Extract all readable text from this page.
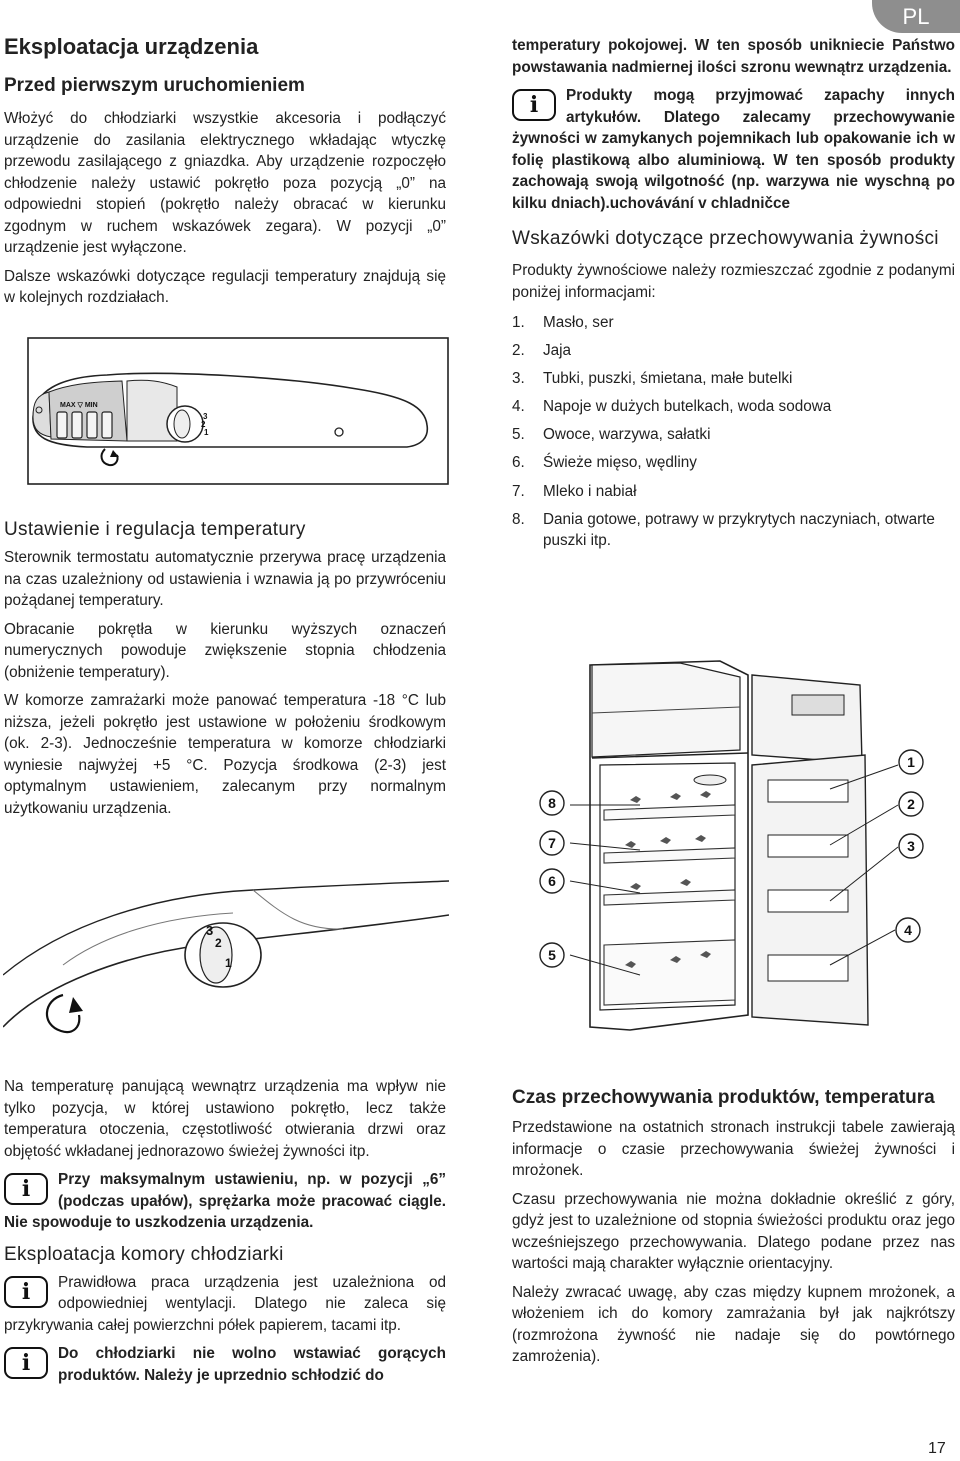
PL
Eksploatacja urządzenia
Przed pierwszym uruchomieniem

Włożyć do chłodziarki wszystkie akcesoria i podłączyć urządzenie do zasilania elektrycznego wkładając wtyczkę przewodu zasilającego z gniazdka. Aby urządzenie rozpoczęło chłodzenie należy ustawić pokrętło poza pozycją „0” na odpowiedni stopień (pokrętło należy obracać w kierunku zgodnym w ruchem wskazówek zegara). W pozycji „0” urządzenie jest wyłączone.

Dalsze wskazówki dotyczące regulacji temperatury znajdują się w kolejnych rozdziałach.

MAX ▽ MIN
3
2
1
Ustawienie i regulacja temperatury

Sterownik termostatu automatycznie przerywa pracę urządzenia na czas uzależniony od ustawienia i wznawia ją po przywróceniu pożądanej temperatury.

Obracanie pokrętła w kierunku wyższych oznaczeń numerycznych powoduje zwiększenie stopnia chłodzenia (obniżenie temperatury).

W komorze zamrażarki może panować temperatura -18 °C lub niższa, jeżeli pokrętło jest ustawione w położeniu środkowym (ok. 2-3). Jednocześnie temperatura w komorze chłodziarki wyniesie najwyżej +5 °C. Pozycja środkowa (2-3) jest optymalnym ustawieniem, zalecanym przy normalnym użytkowaniu urządzenia.

3
2
1

Na temperaturę panującą wewnątrz urządzenia ma wpływ nie tylko pozycja, w której ustawiono pokrętło, lecz także temperatura otoczenia, częstotliwość otwierania drzwi oraz objętość wkładanej jednorazowo świeżej żywności itp.

i	Przy maksymalnym ustawieniu, np. w pozycji „6” (podczas upałów), sprężarka może pracować ciągle. Nie spowoduje to uszkodzenia urządzenia.

Eksploatacja komory chłodziarki
i	Prawidłowa praca urządzenia jest uzależniona od odpowiedniej wentylacji. Dlatego nie zaleca się przykrywania całej powierzchni półek papierem, tacami itp.

i	Do chłodziarki nie wolno wstawiać gorących produktów. Należy je uprzednio schłodzić do

temperatury pokojowej. W ten sposób unikniecie Państwo powstawania nadmiernej ilości szronu wewnątrz urządzenia.

i	Produkty mogą przyjmować zapachy innych artykułów. Dlatego zalecamy przechowywanie żywności w zamykanych pojemnikach lub opakowanie ich w folię plastikową albo aluminiową. W ten sposób produkty zachowają swoją wilgotność (np. warzywa nie wyschną po kilku dniach).uchovávání v chladničce

Wskazówki dotyczące przechowywania żywności

Produkty żywnościowe należy rozmieszczać zgodnie z podanymi poniżej informacjami:

1.	Masło, ser
2.	Jaja
3.	Tubki, puszki, śmietana, małe butelki
4.	Napoje w dużych butelkach, woda sodowa
5.	Owoce, warzywa, sałatki
6.	Świeże mięso, wędliny
7.	Mleko i nabiał
8.	Dania gotowe, potrawy w przykrytych naczyniach, otwarte puszki itp.
1
2
3
4
5
6
7
8
Czas przechowywania produktów, temperatura

Przedstawione na ostatnich stronach instrukcji tabele zawierają informacje o czasie przechowywania świeżej żywności i mrożonek.

Czasu przechowywania nie można dokładnie określić z góry, gdyż jest to uzależnione od stopnia świeżości produktu oraz jego wcześniejszego przechowywania. Dlatego podane przez nas wartości mają charakter wyłącznie orientacyjny.

Należy zwracać uwagę, aby czas między kupnem mrożonek, a włożeniem ich do komory zamrażania był jak najkrótszy (rozmrożona żywność nie nadaje się do powtórnego zamrożenia).

17
